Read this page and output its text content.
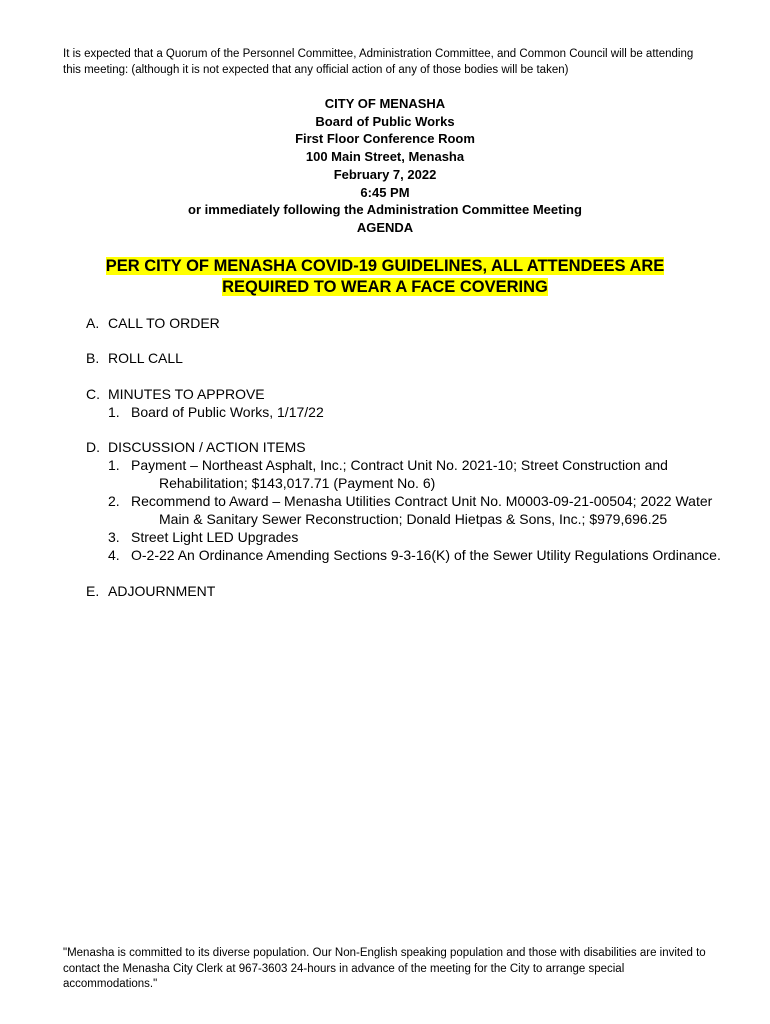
It is expected that a Quorum of the Personnel Committee, Administration Committee, and Common Council will be attending this meeting: (although it is not expected that any official action of any of those bodies will be taken)
CITY OF MENASHA
Board of Public Works
First Floor Conference Room
100 Main Street, Menasha
February 7, 2022
6:45 PM
or immediately following the Administration Committee Meeting
AGENDA
PER CITY OF MENASHA COVID-19 GUIDELINES, ALL ATTENDEES ARE
REQUIRED TO WEAR A FACE COVERING
A. CALL TO ORDER
B. ROLL CALL
C. MINUTES TO APPROVE
1. Board of Public Works, 1/17/22
D. DISCUSSION / ACTION ITEMS
1. Payment – Northeast Asphalt, Inc.; Contract Unit No. 2021-10; Street Construction and Rehabilitation; $143,017.71 (Payment No. 6)
2. Recommend to Award – Menasha Utilities Contract Unit No. M0003-09-21-00504; 2022 Water Main & Sanitary Sewer Reconstruction; Donald Hietpas & Sons, Inc.; $979,696.25
3. Street Light LED Upgrades
4. O-2-22 An Ordinance Amending Sections 9-3-16(K) of the Sewer Utility Regulations Ordinance.
E. ADJOURNMENT
"Menasha is committed to its diverse population. Our Non-English speaking population and those with disabilities are invited to contact the Menasha City Clerk at 967-3603 24-hours in advance of the meeting for the City to arrange special accommodations."
